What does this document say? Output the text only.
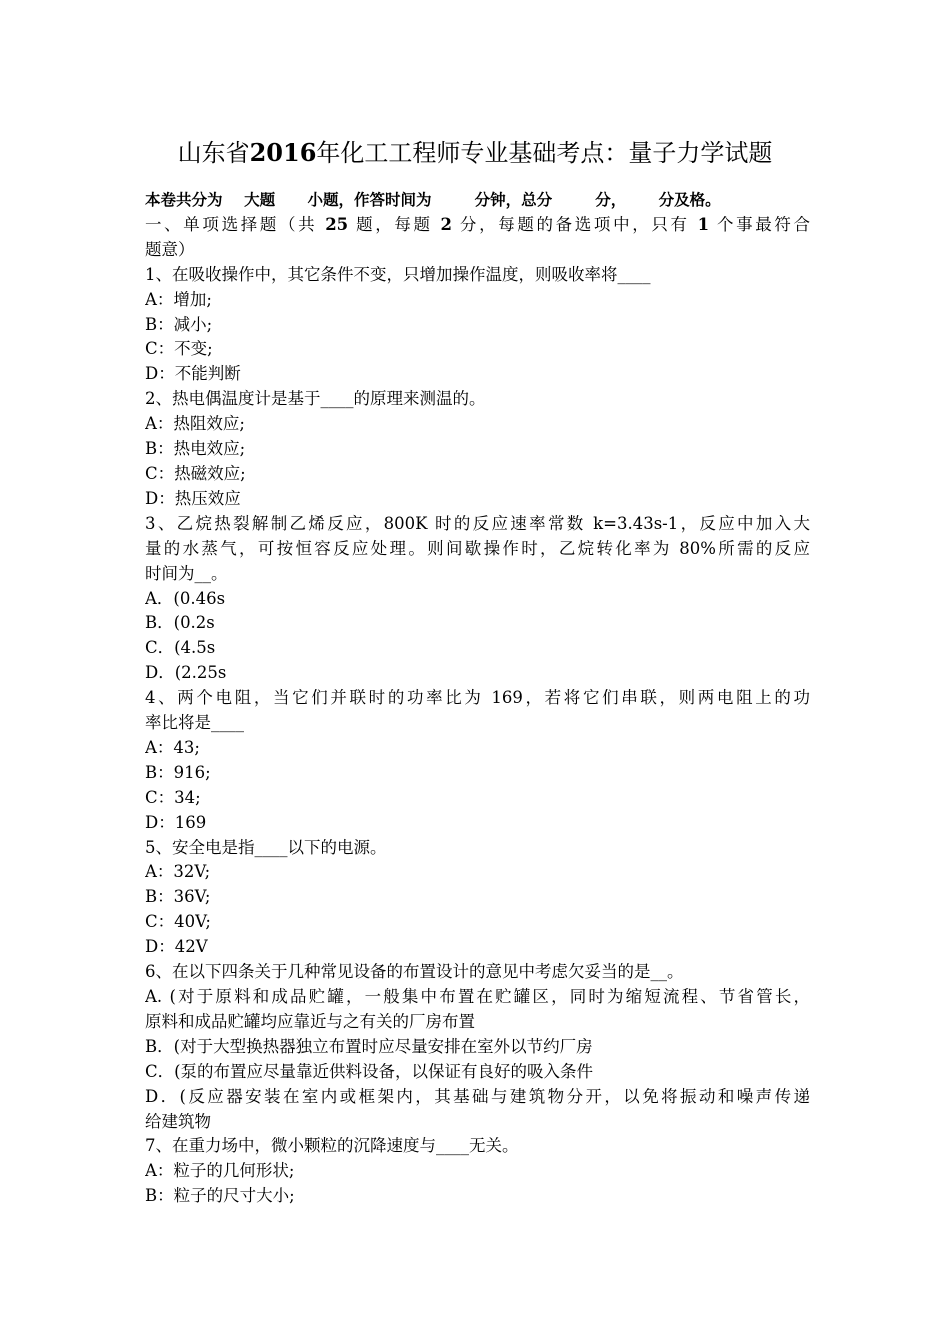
山东省2016年化工工程师专业基础考点：量子力学试题
本卷共分为    大题      小题，作答时间为        分钟，总分        分，      分及格。
一、单项选择题（共 25 题，每题 2 分，每题的备选项中，只有 1 个事最符合
题意）
1、在吸收操作中，其它条件不变，只增加操作温度，则吸收率将____
A：增加;
B：减小;
C：不变;
D：不能判断
2、热电偶温度计是基于____的原理来测温的。
A：热阻效应;
B：热电效应;
C：热磁效应;
D：热压效应
3、乙烷热裂解制乙烯反应，800K 时的反应速率常数 k=3.43s-1，反应中加入大
量的水蒸气，可按恒容反应处理。则间歇操作时，乙烷转化率为 80%所需的反应
时间为__。
A．(0.46s
B．(0.2s
C．(4.5s
D．(2.25s
4、两个电阻，当它们并联时的功率比为 169，若将它们串联，则两电阻上的功
率比将是____
A：43;
B：916;
C：34;
D：169
5、安全电是指____以下的电源。
A：32V;
B：36V;
C：40V;
D：42V
6、在以下四条关于几种常见设备的布置设计的意见中考虑欠妥当的是__。
A. (对于原料和成品贮罐，一般集中布置在贮罐区，同时为缩短流程、节省管长，
原料和成品贮罐均应靠近与之有关的厂房布置
B．(对于大型换热器独立布置时应尽量安排在室外以节约厂房
C．(泵的布置应尽量靠近供料设备，以保证有良好的吸入条件
D．(反应器安装在室内或框架内，其基础与建筑物分开，以免将振动和噪声传递
给建筑物
7、在重力场中，微小颗粒的沉降速度与____无关。
A：粒子的几何形状;
B：粒子的尺寸大小;
